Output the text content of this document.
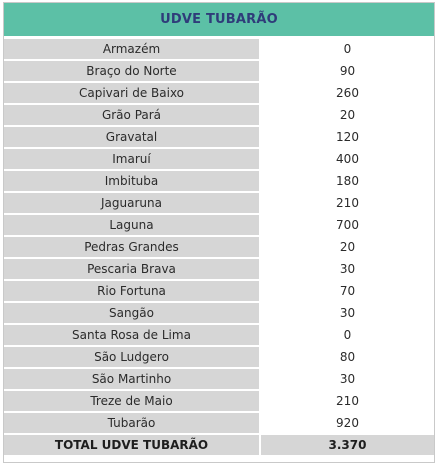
UDVE TUBARÃO
Armazém	0
Braço do Norte	90
Capivari de Baixo	260
Grão Pará	20
Gravatal	120
Imaruí	400
Imbituba	180
Jaguaruna	210
Laguna	700
Pedras Grandes	20
Pescaria Brava	30
Rio Fortuna	70
Sangão	30
Santa Rosa de Lima	0
São Ludgero	80
São Martinho	30
Treze de Maio	210
Tubarão	920
TOTAL UDVE TUBARÃO	3.370
